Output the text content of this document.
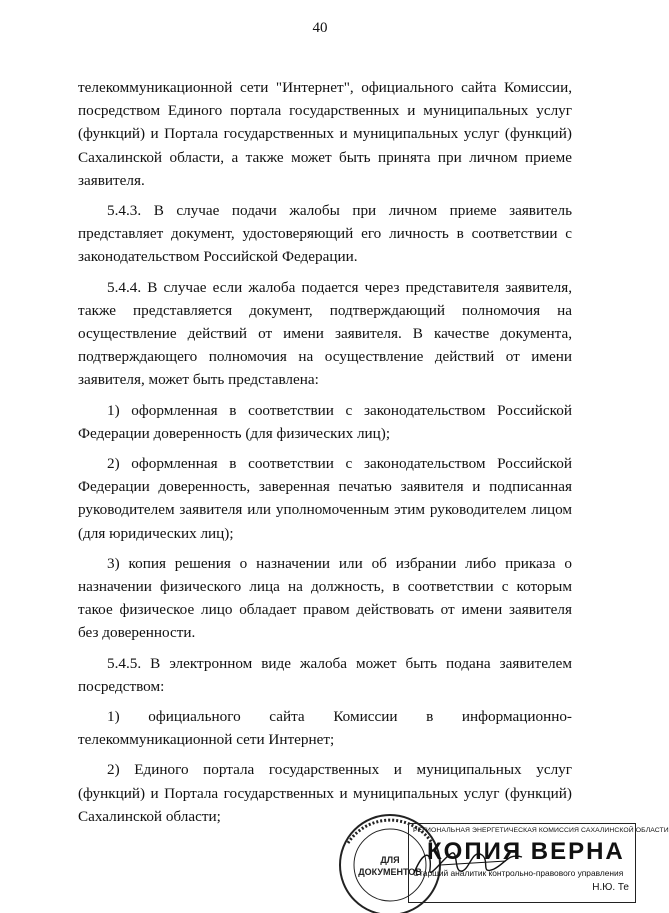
40

телекоммуникационной сети "Интернет", официального сайта Комиссии, посредством Единого портала государственных и муниципальных услуг (функций) и Портала государственных и муниципальных услуг (функций) Сахалинской области, а также может быть принята при личном приеме заявителя.

5.4.3. В случае подачи жалобы при личном приеме заявитель представляет документ, удостоверяющий его личность в соответствии с законодательством Российской Федерации.

5.4.4. В случае если жалоба подается через представителя заявителя, также представляется документ, подтверждающий полномочия на осуществление действий от имени заявителя. В качестве документа, подтверждающего полномочия на осуществление действий от имени заявителя, может быть представлена:

1) оформленная в соответствии с законодательством Российской Федерации доверенность (для физических лиц);

2) оформленная в соответствии с законодательством Российской Федерации доверенность, заверенная печатью заявителя и подписанная руководителем заявителя или уполномоченным этим руководителем лицом (для юридических лиц);

3) копия решения о назначении или об избрании либо приказа о назначении физического лица на должность, в соответствии с которым такое физическое лицо обладает правом действовать от имени заявителя без доверенности.

5.4.5. В электронном виде жалоба может быть подана заявителем посредством:

1) официального сайта Комиссии в информационно-телекоммуникационной сети Интернет;

2) Единого портала государственных и муниципальных услуг (функций) и Портала государственных и муниципальных услуг (функций) Сахалинской области;

ДЛЯ
ДОКУМЕНТОВ
РЕГИОНАЛЬНАЯ ЭНЕРГЕТИЧЕСКАЯ КОМИССИЯ САХАЛИНСКОЙ ОБЛАСТИ
КОПИЯ ВЕРНА
Старший аналитик контрольно-правового управления
Н.Ю. Те
